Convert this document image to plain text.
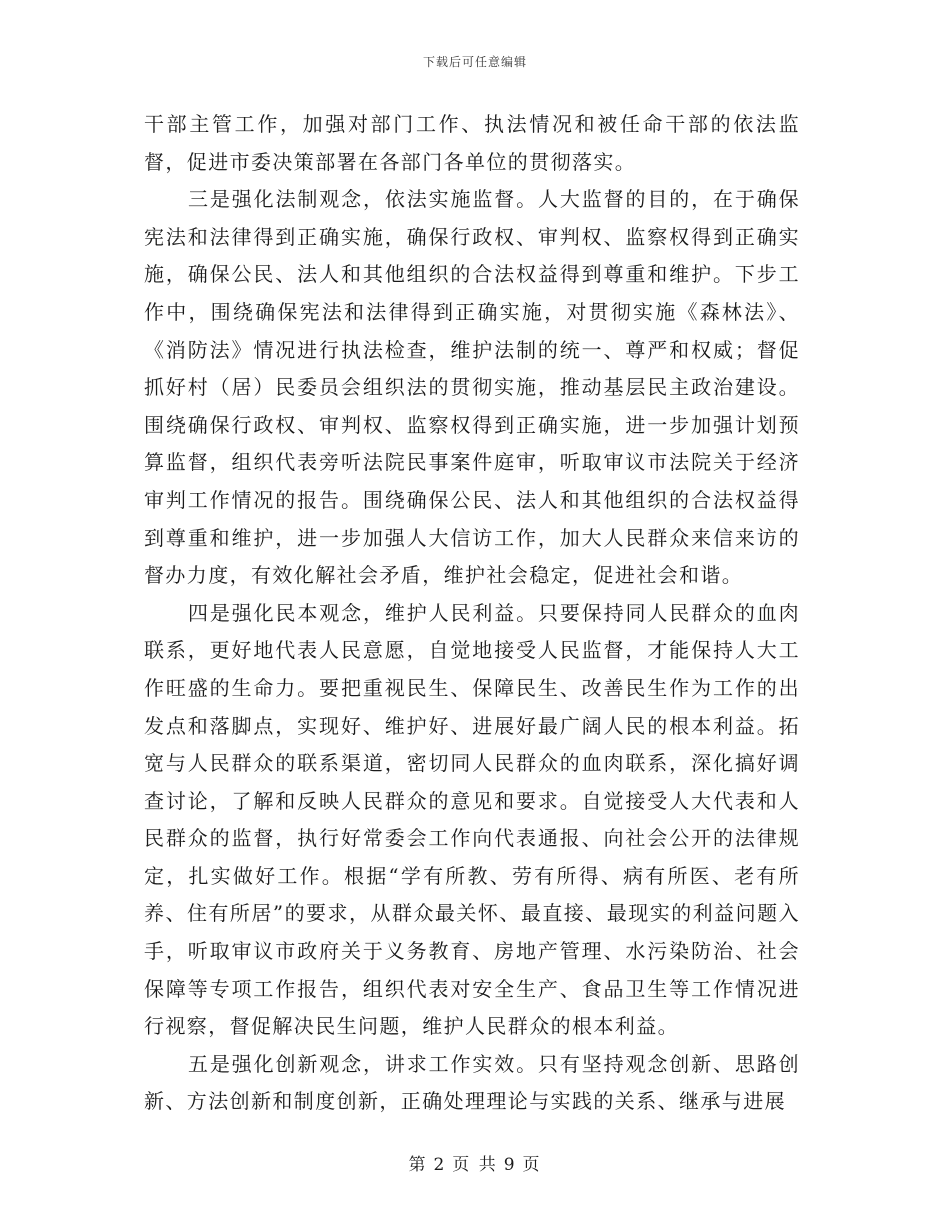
下载后可任意编辑

干部主管工作，加强对部门工作、执法情况和被任命干部的依法监督，促进市委决策部署在各部门各单位的贯彻落实。

三是强化法制观念，依法实施监督。人大监督的目的，在于确保宪法和法律得到正确实施，确保行政权、审判权、监察权得到正确实施，确保公民、法人和其他组织的合法权益得到尊重和维护。下步工作中，围绕确保宪法和法律得到正确实施，对贯彻实施《森林法》、《消防法》情况进行执法检查，维护法制的统一、尊严和权威；督促抓好村（居）民委员会组织法的贯彻实施，推动基层民主政治建设。围绕确保行政权、审判权、监察权得到正确实施，进一步加强计划预算监督，组织代表旁听法院民事案件庭审，听取审议市法院关于经济审判工作情况的报告。围绕确保公民、法人和其他组织的合法权益得到尊重和维护，进一步加强人大信访工作，加大人民群众来信来访的督办力度，有效化解社会矛盾，维护社会稳定，促进社会和谐。

四是强化民本观念，维护人民利益。只要保持同人民群众的血肉联系，更好地代表人民意愿，自觉地接受人民监督，才能保持人大工作旺盛的生命力。要把重视民生、保障民生、改善民生作为工作的出发点和落脚点，实现好、维护好、进展好最广阔人民的根本利益。拓宽与人民群众的联系渠道，密切同人民群众的血肉联系，深化搞好调查讨论，了解和反映人民群众的意见和要求。自觉接受人大代表和人民群众的监督，执行好常委会工作向代表通报、向社会公开的法律规定，扎实做好工作。根据“学有所教、劳有所得、病有所医、老有所养、住有所居”的要求，从群众最关怀、最直接、最现实的利益问题入手，听取审议市政府关于义务教育、房地产管理、水污染防治、社会保障等专项工作报告，组织代表对安全生产、食品卫生等工作情况进行视察，督促解决民生问题，维护人民群众的根本利益。

五是强化创新观念，讲求工作实效。只有坚持观念创新、思路创新、方法创新和制度创新，正确处理理论与实践的关系、继承与进展

第 2 页 共 9 页
